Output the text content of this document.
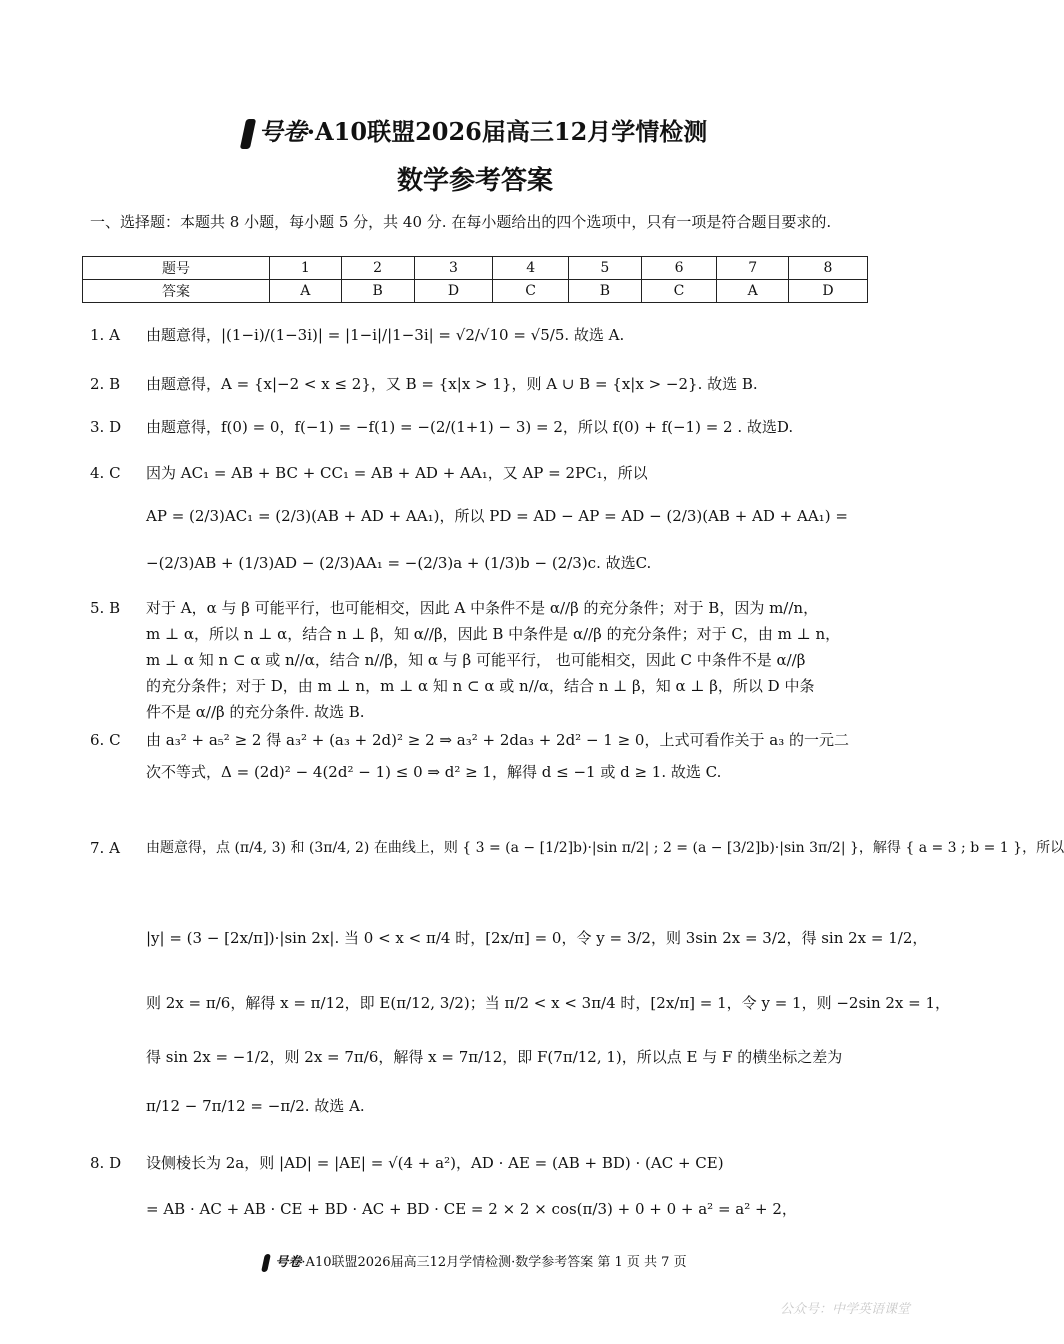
号卷·A10联盟2026届高三12月学情检测
数学参考答案
一、选择题：本题共 8 小题，每小题 5 分，共 40 分. 在每小题给出的四个选项中，只有一项是符合题目要求的.
题号	1	2	3	4	5	6	7	8
答案	A	B	D	C	B	C	A	D
1. A 由题意得，|(1−i)/(1−3i)| = |1−i|/|1−3i| = √2/√10 = √5/5. 故选 A.
2. B 由题意得，A = {x|−2 < x ≤ 2}，又 B = {x|x > 1}，则 A ∪ B = {x|x > −2}. 故选 B.
3. D 由题意得，f(0) = 0，f(−1) = −f(1) = −(2/(1+1) − 3) = 2，所以 f(0) + f(−1) = 2 . 故选D.
4. C 因为 AC₁ = AB + BC + CC₁ = AB + AD + AA₁，又 AP = 2PC₁，所以
AP = (2/3)AC₁ = (2/3)(AB + AD + AA₁)，所以 PD = AD − AP = AD − (2/3)(AB + AD + AA₁) =
−(2/3)AB + (1/3)AD − (2/3)AA₁ = −(2/3)a + (1/3)b − (2/3)c. 故选C.
5. B 对于 A，α 与 β 可能平行，也可能相交，因此 A 中条件不是 α//β 的充分条件；对于 B，因为 m//n，
m ⊥ α，所以 n ⊥ α，结合 n ⊥ β，知 α//β，因此 B 中条件是 α//β 的充分条件；对于 C，由 m ⊥ n，
m ⊥ α 知 n ⊂ α 或 n//α，结合 n//β，知 α 与 β 可能平行， 也可能相交，因此 C 中条件不是 α//β
的充分条件；对于 D，由 m ⊥ n，m ⊥ α 知 n ⊂ α 或 n//α，结合 n ⊥ β，知 α ⊥ β，所以 D 中条
件不是 α//β 的充分条件. 故选 B.
6. C 由 a₃² + a₅² ≥ 2 得 a₃² + (a₃ + 2d)² ≥ 2 ⇒ a₃² + 2da₃ + 2d² − 1 ≥ 0，上式可看作关于 a₃ 的一元二
次不等式，Δ = (2d)² − 4(2d² − 1) ≤ 0 ⇒ d² ≥ 1，解得 d ≤ −1 或 d ≥ 1. 故选 C.
7. A 由题意得，点 (π/4, 3) 和 (3π/4, 2) 在曲线上，则 { 3 = (a − [1/2]b)·|sin π/2| ; 2 = (a − [3/2]b)·|sin 3π/2| }，解得 { a = 3 ; b = 1 }，所以
|y| = (3 − [2x/π])·|sin 2x|. 当 0 < x < π/4 时，[2x/π] = 0，令 y = 3/2，则 3sin 2x = 3/2，得 sin 2x = 1/2，
则 2x = π/6，解得 x = π/12，即 E(π/12, 3/2)；当 π/2 < x < 3π/4 时，[2x/π] = 1，令 y = 1，则 −2sin 2x = 1，
得 sin 2x = −1/2，则 2x = 7π/6，解得 x = 7π/12，即 F(7π/12, 1)，所以点 E 与 F 的横坐标之差为
π/12 − 7π/12 = −π/2. 故选 A.
8. D 设侧棱长为 2a，则 |AD| = |AE| = √(4 + a²)，AD · AE = (AB + BD) · (AC + CE)
= AB · AC + AB · CE + BD · AC + BD · CE = 2 × 2 × cos(π/3) + 0 + 0 + a² = a² + 2，
号卷·A10联盟2026届高三12月学情检测·数学参考答案 第 1 页 共 7 页
公众号：中学英语课堂
